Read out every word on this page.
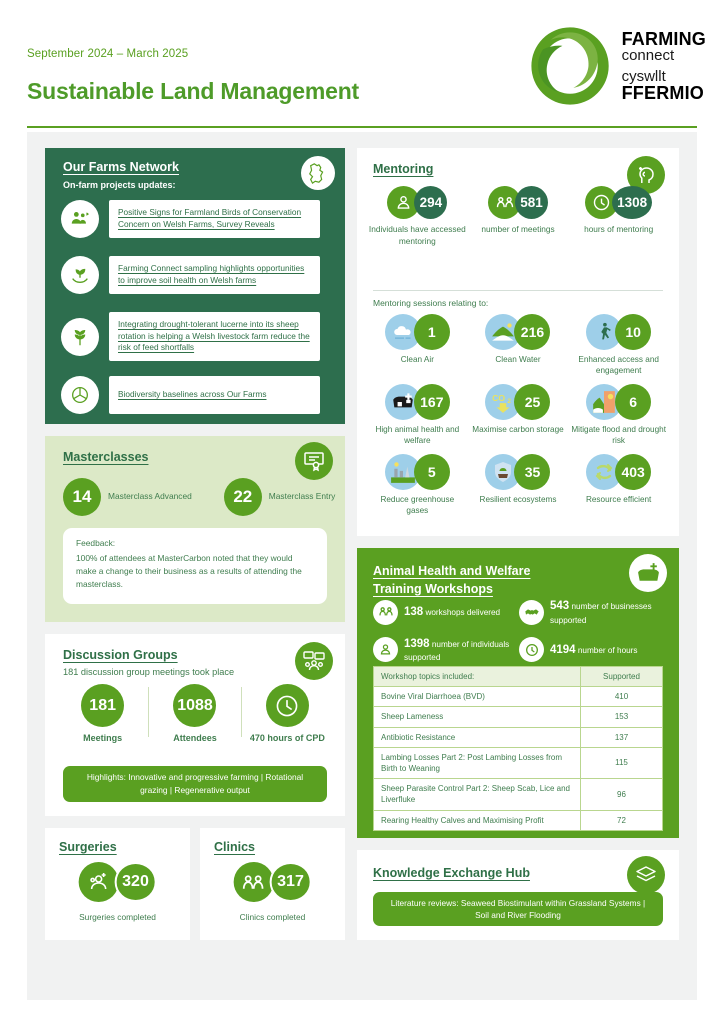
September 2024 – March 2025
Sustainable Land Management
FARMING
connect
cyswllt
FFERMIO
Our Farms Network
On-farm projects updates:
Positive Signs for Farmland Birds of Conservation Concern on Welsh Farms, Survey Reveals
Farming Connect sampling highlights opportunities to improve soil health on Welsh farms
Integrating drought-tolerant lucerne into its sheep rotation is helping a Welsh livestock farm reduce the risk of feed shortfalls
Biodiversity baselines across Our Farms
Mentoring
294
Individuals have accessed mentoring
581
number of meetings
1308
hours of mentoring
Mentoring sessions relating to:
1
Clean Air
216
Clean Water
10
Enhanced access and engagement
167
High animal health and welfare
CO 2 25
Maximise carbon storage
6
Mitigate flood and drought risk
5
Reduce greenhouse gases
35
Resilient ecosystems
403
Resource efficient
Masterclasses
14	Masterclass Advanced	22	Masterclass Entry
Feedback:
100% of attendees at MasterCarbon noted that they would make a change to their business as a results of attending the masterclass.
Discussion Groups
181 discussion group meetings took place
181
Meetings
1088
Attendees	470 hours of CPD
Highlights: Innovative and progressive farming | Rotational grazing | Regenerative output
Animal Health and Welfare Training Workshops
138 workshops delivered
543 number of businesses supported
1398 number of individuals supported
4194 number of hours
Workshop topics included:	Supported
Bovine Viral Diarrhoea (BVD)	410
Sheep Lameness	153
Antibiotic Resistance	137
Lambing Losses Part 2: Post Lambing Losses from Birth to Weaning	115
Sheep Parasite Control Part 2: Sheep Scab, Lice and Liverfluke	96
Rearing Healthy Calves and Maximising Profit	72
Surgeries
320
Surgeries completed
Clinics
317
Clinics completed
Knowledge Exchange Hub
Literature reviews: Seaweed Biostimulant within Grassland Systems | Soil and River Flooding
